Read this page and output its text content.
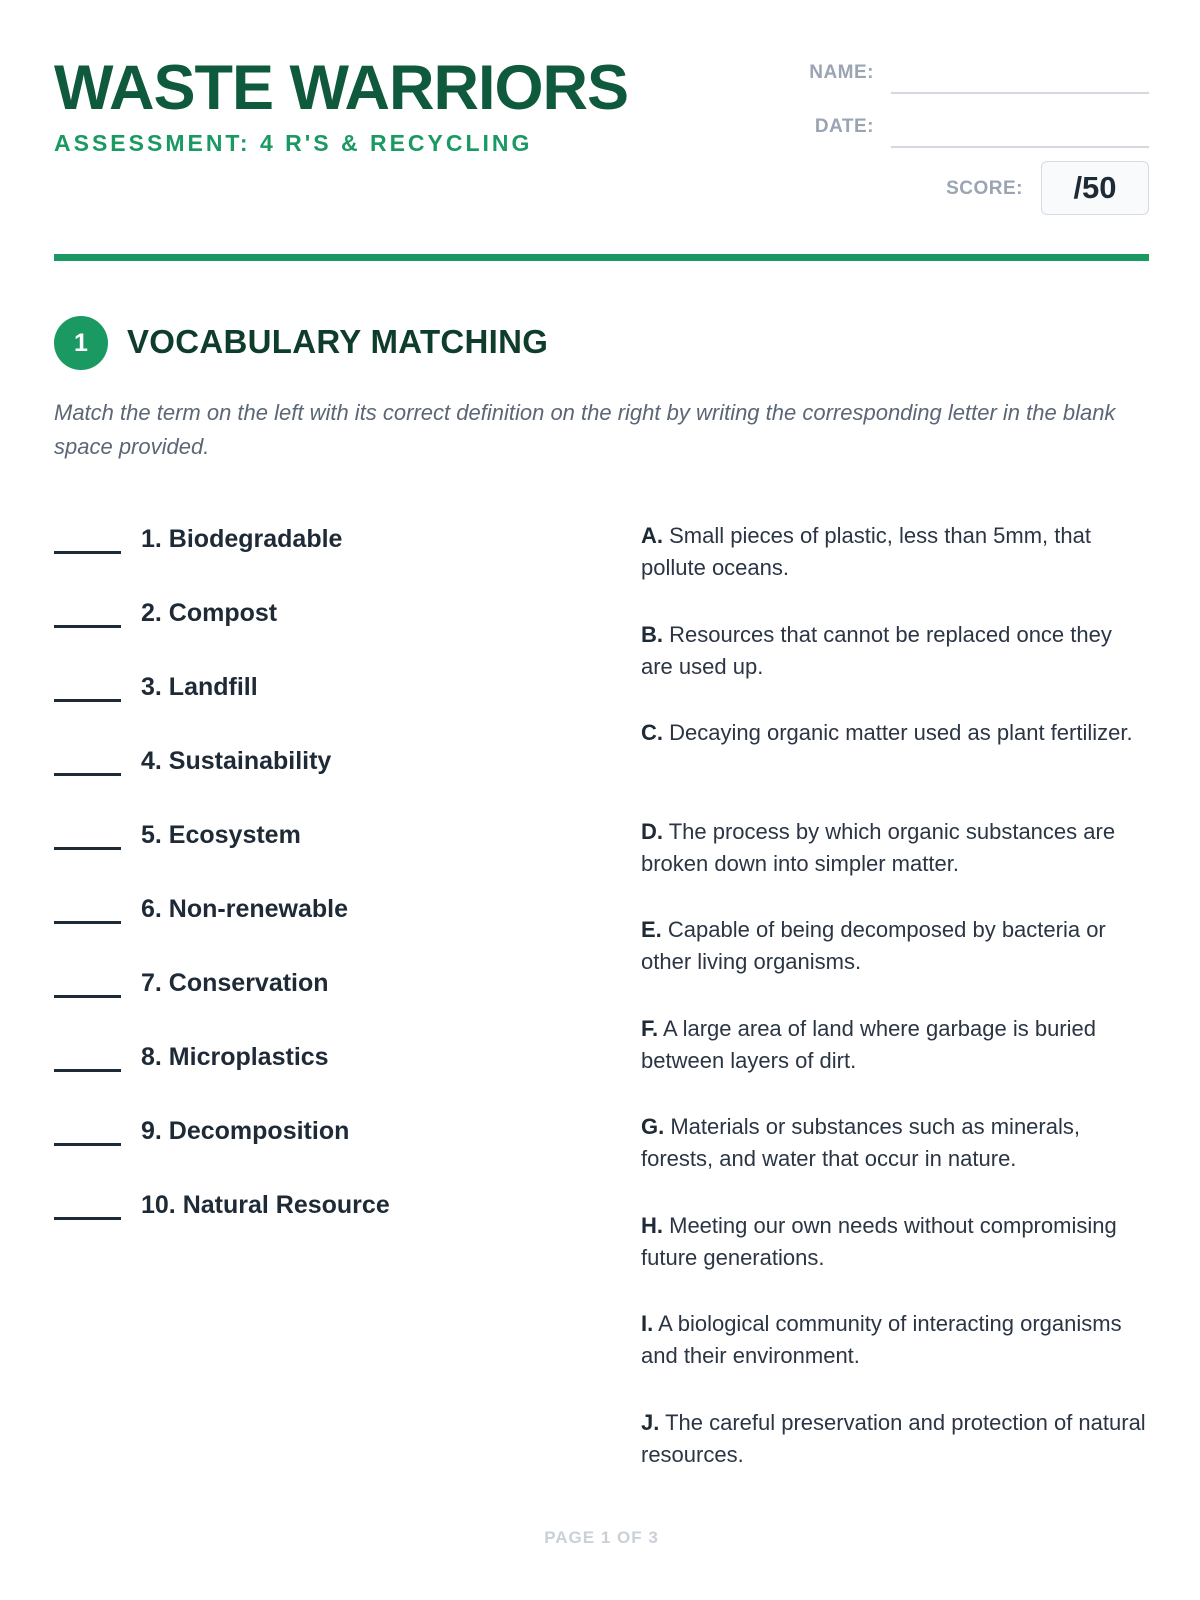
WASTE WARRIORS
ASSESSMENT: 4 R'S & RECYCLING
NAME:
DATE:
SCORE:	/50
1	VOCABULARY MATCHING
Match the term on the left with its correct definition on the right by writing the corresponding letter in the blank space provided.
1. Biodegradable
2. Compost
3. Landfill
4. Sustainability
5. Ecosystem
6. Non-renewable
7. Conservation
8. Microplastics
9. Decomposition
10. Natural Resource
A. Small pieces of plastic, less than 5mm, that pollute oceans.
B. Resources that cannot be replaced once they are used up.
C. Decaying organic matter used as plant fertilizer.
D. The process by which organic substances are broken down into simpler matter.
E. Capable of being decomposed by bacteria or other living organisms.
F. A large area of land where garbage is buried between layers of dirt.
G. Materials or substances such as minerals, forests, and water that occur in nature.
H. Meeting our own needs without compromising future generations.
I. A biological community of interacting organisms and their environment.
J. The careful preservation and protection of natural resources.
PAGE 1 OF 3
